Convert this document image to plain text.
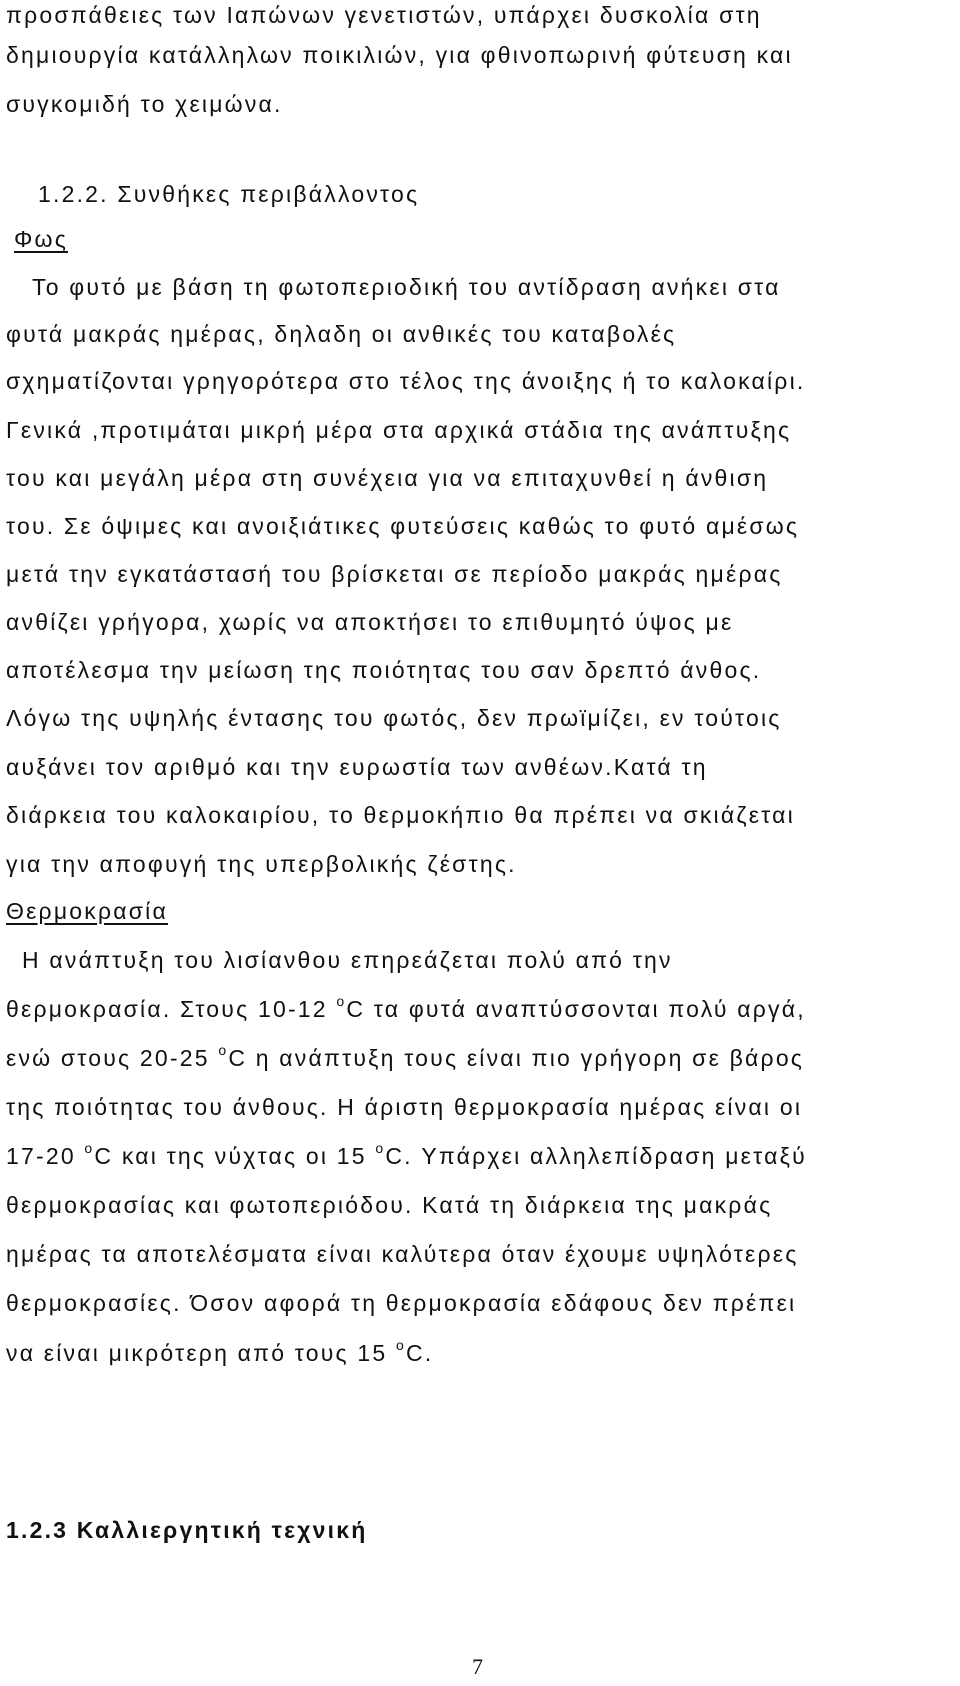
προσπάθειες των Ιαπώνων γενετιστών, υπάρχει δυσκολία στη
δημιουργία κατάλληλων ποικιλιών, για φθινοπωρινή φύτευση και
συγκομιδή το χειμώνα.
1.2.2. Συνθήκες περιβάλλοντος
Φως
Το φυτό με βάση τη φωτοπεριοδική του αντίδραση ανήκει στα
φυτά μακράς ημέρας, δηλαδη οι ανθικές του καταβολές
σχηματίζονται γρηγορότερα στο τέλος της άνοιξης ή το καλοκαίρι.
Γενικά ,προτιμάται μικρή μέρα στα αρχικά στάδια της ανάπτυξης
του και μεγάλη μέρα στη συνέχεια για να επιταχυνθεί η άνθιση
του. Σε όψιμες και ανοιξιάτικες φυτεύσεις καθώς το φυτό αμέσως
μετά την εγκατάστασή του βρίσκεται σε περίοδο μακράς ημέρας
ανθίζει γρήγορα, χωρίς να αποκτήσει το επιθυμητό ύψος με
αποτέλεσμα την μείωση της ποιότητας του σαν δρεπτό άνθος.
Λόγω της υψηλής έντασης του φωτός, δεν πρωϊμίζει, εν τούτοις
αυξάνει τον αριθμό και την ευρωστία των ανθέων.Κατά τη
διάρκεια του καλοκαιρίου, το θερμοκήπιο θα πρέπει να σκιάζεται
για την αποφυγή της υπερβολικής ζέστης.
Θερμοκρασία
Η ανάπτυξη του λισίανθου επηρεάζεται πολύ από την
θερμοκρασία. Στους 10-12 $^o$C τα φυτά αναπτύσσονται πολύ αργά,
ενώ στους 20-25 $^o$C η ανάπτυξη τους είναι πιο γρήγορη σε βάρος
της ποιότητας του άνθους. Η άριστη θερμοκρασία ημέρας είναι οι
17-20 $^o$C και της νύχτας οι 15 $^o$C. Υπάρχει αλληλεπίδραση μεταξύ
θερμοκρασίας και φωτοπεριόδου. Κατά τη διάρκεια της μακράς
ημέρας τα αποτελέσματα είναι καλύτερα όταν έχουμε υψηλότερες
θερμοκρασίες. Όσον αφορά τη θερμοκρασία εδάφους δεν πρέπει
να είναι μικρότερη από τους 15 $^o$C.
1.2.3 Καλλιεργητική τεχνική
7
